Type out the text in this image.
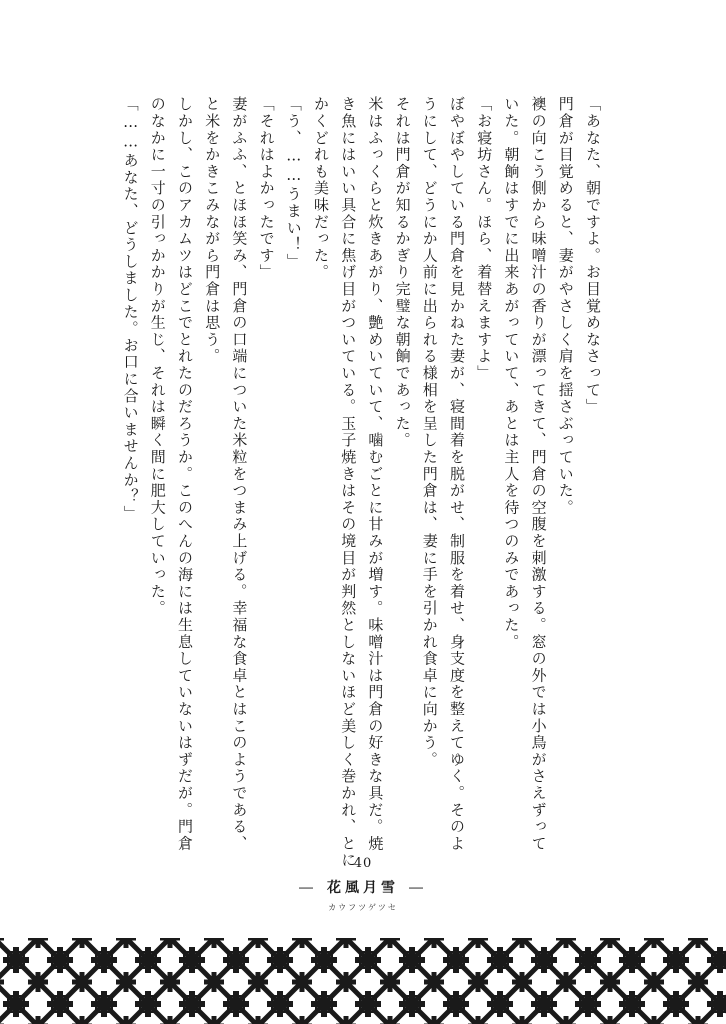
「あなた、朝ですよ。お目覚めなさって」
門倉が目覚めると、妻がやさしく肩を揺さぶっていた。
襖の向こう側から味噌汁の香りが漂ってきて、門倉の空腹を刺激する。窓の外では小鳥がさえずって
いた。朝餉はすでに出来あがっていて、あとは主人を待つのみであった。
「お寝坊さん。ほら、着替えますよ」
ぼやぼやしている門倉を見かねた妻が、寝間着を脱がせ、制服を着せ、身支度を整えてゆく。そのよ
うにして、どうにか人前に出られる様相を呈した門倉は、妻に手を引かれ食卓に向かう。
それは門倉が知るかぎり完璧な朝餉であった。
米はふっくらと炊きあがり、艶めいていて、噛むごとに甘みが増す。味噌汁は門倉の好きな具だ。焼
き魚にはいい具合に焦げ目がついている。玉子焼きはその境目が判然としないほど美しく巻かれ、とに
かくどれも美味だった。
「う、……うまい！」
「それはよかったです」
妻がふふ、とほほ笑み、門倉の口端についた米粒をつまみ上げる。幸福な食卓とはこのようである、
と米をかきこみながら門倉は思う。
しかし、このアカムツはどこでとれたのだろうか。このへんの海には生息していないはずだが。門倉
のなかに一寸の引っかかりが生じ、それは瞬く間に肥大していった。
「……あなた、どうしました。お口に合いませんか？」
40
― 花風月雪 ―
カウフツゲツセ
